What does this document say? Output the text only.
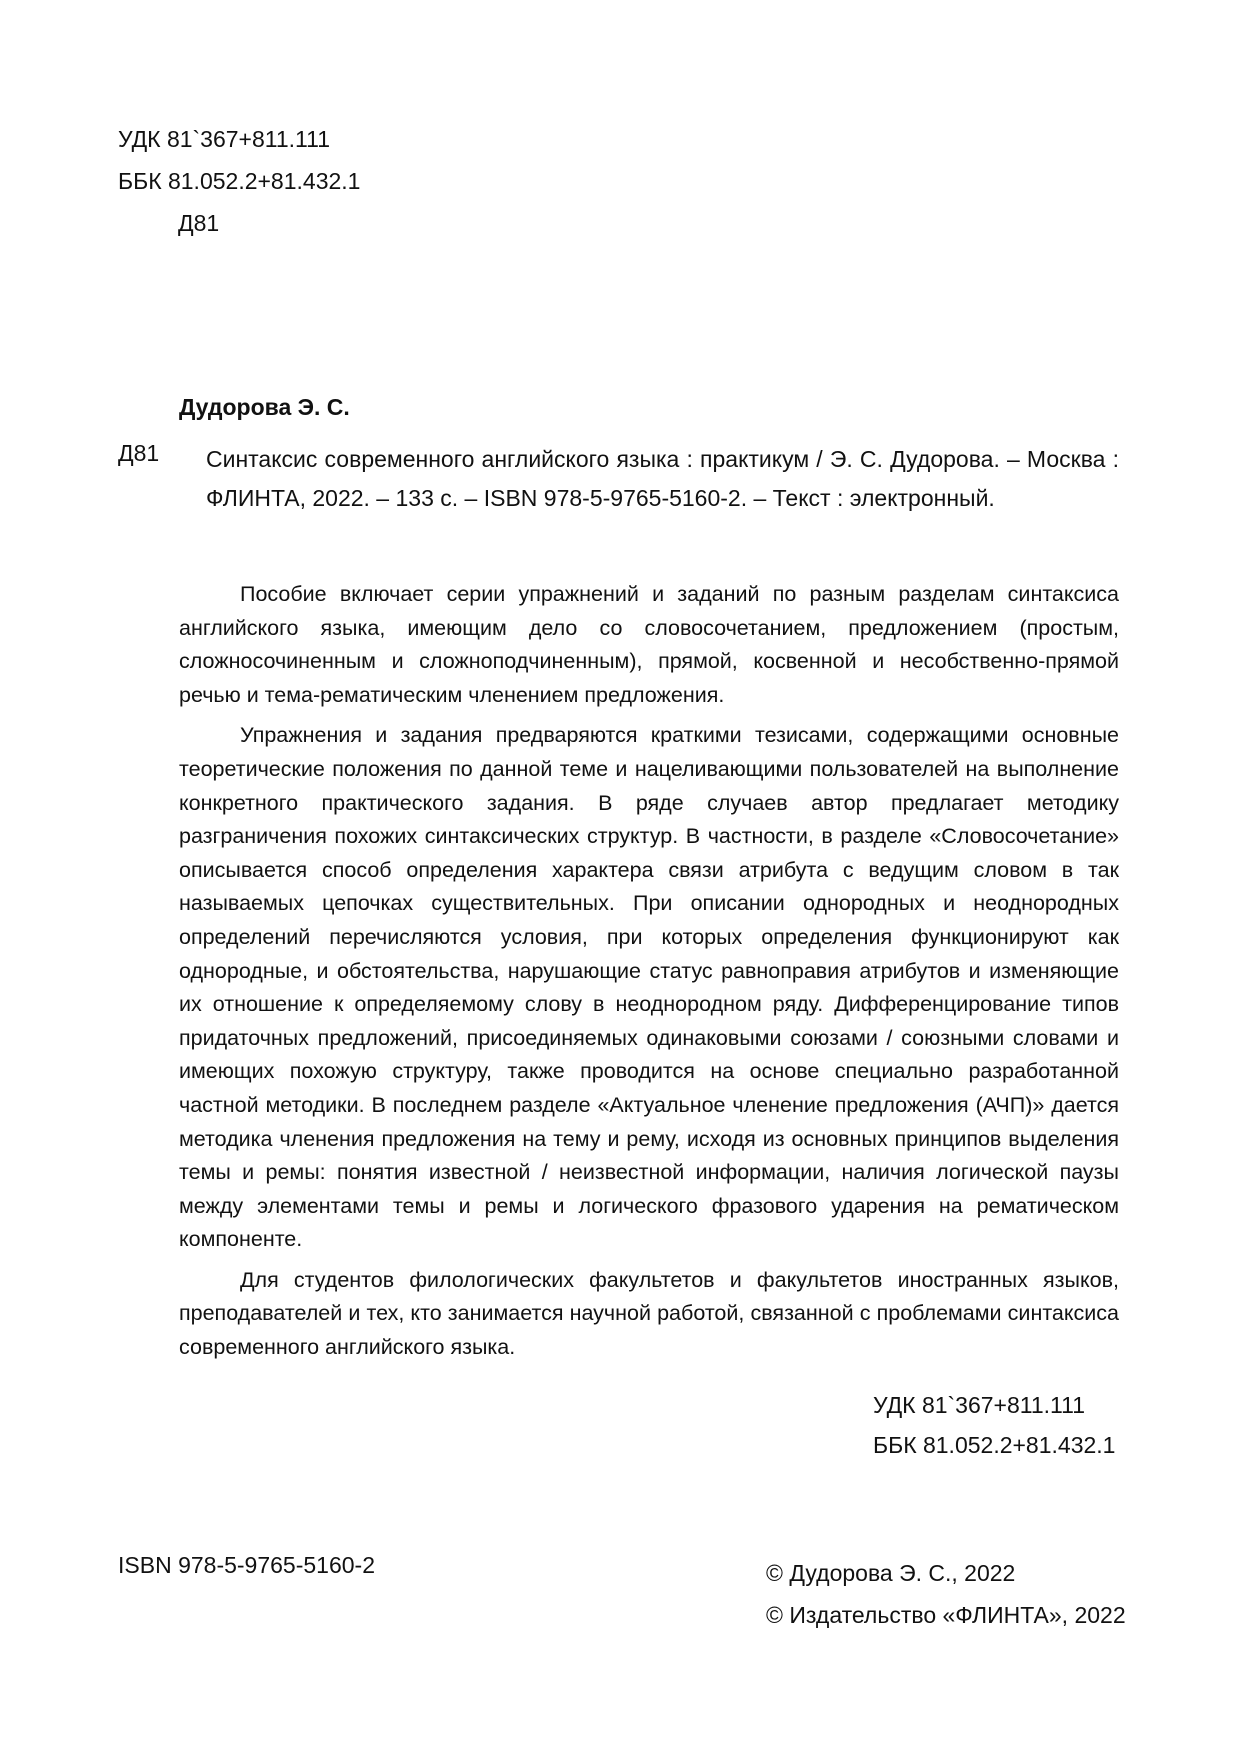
УДК 81`367+811.111
ББК 81.052.2+81.432.1
Д81
Дудорова Э. С.
Д81	Синтаксис современного английского языка : практикум / Э. С. Дудорова. – Москва : ФЛИНТА, 2022. – 133 с. – ISBN 978-5-9765-5160-2. – Текст : электронный.

Пособие включает серии упражнений и заданий по разным разделам синтаксиса английского языка, имеющим дело со словосочетанием, предложением (простым, сложносочиненным и сложноподчиненным), прямой, косвенной и несобственно-прямой речью и тема-рематическим членением предложения.

Упражнения и задания предваряются краткими тезисами, содержащими основные теоретические положения по данной теме и нацеливающими пользователей на выполнение конкретного практического задания. В ряде случаев автор предлагает методику разграничения похожих синтаксических структур. В частности, в разделе «Словосочетание» описывается способ определения характера связи атрибута с ведущим словом в так называемых цепочках существительных. При описании однородных и неоднородных определений перечисляются условия, при которых определения функционируют как однородные, и обстоятельства, нарушающие статус равноправия атрибутов и изменяющие их отношение к определяемому слову в неоднородном ряду. Дифференцирование типов придаточных предложений, присоединяемых одинаковыми союзами / союзными словами и имеющих похожую структуру, также проводится на основе специально разработанной частной методики. В последнем разделе «Актуальное членение предложения (АЧП)» дается методика членения предложения на тему и рему, исходя из основных принципов выделения темы и ремы: понятия известной / неизвестной информации, наличия логической паузы между элементами темы и ремы и логического фразового ударения на рематическом компоненте.

Для студентов филологических факультетов и факультетов иностранных языков, преподавателей и тех, кто занимается научной работой, связанной с проблемами синтаксиса современного английского языка.

УДК 81`367+811.111
ББК 81.052.2+81.432.1
ISBN 978-5-9765-5160-2	© Дудорова Э. С., 2022
© Издательство «ФЛИНТА», 2022
